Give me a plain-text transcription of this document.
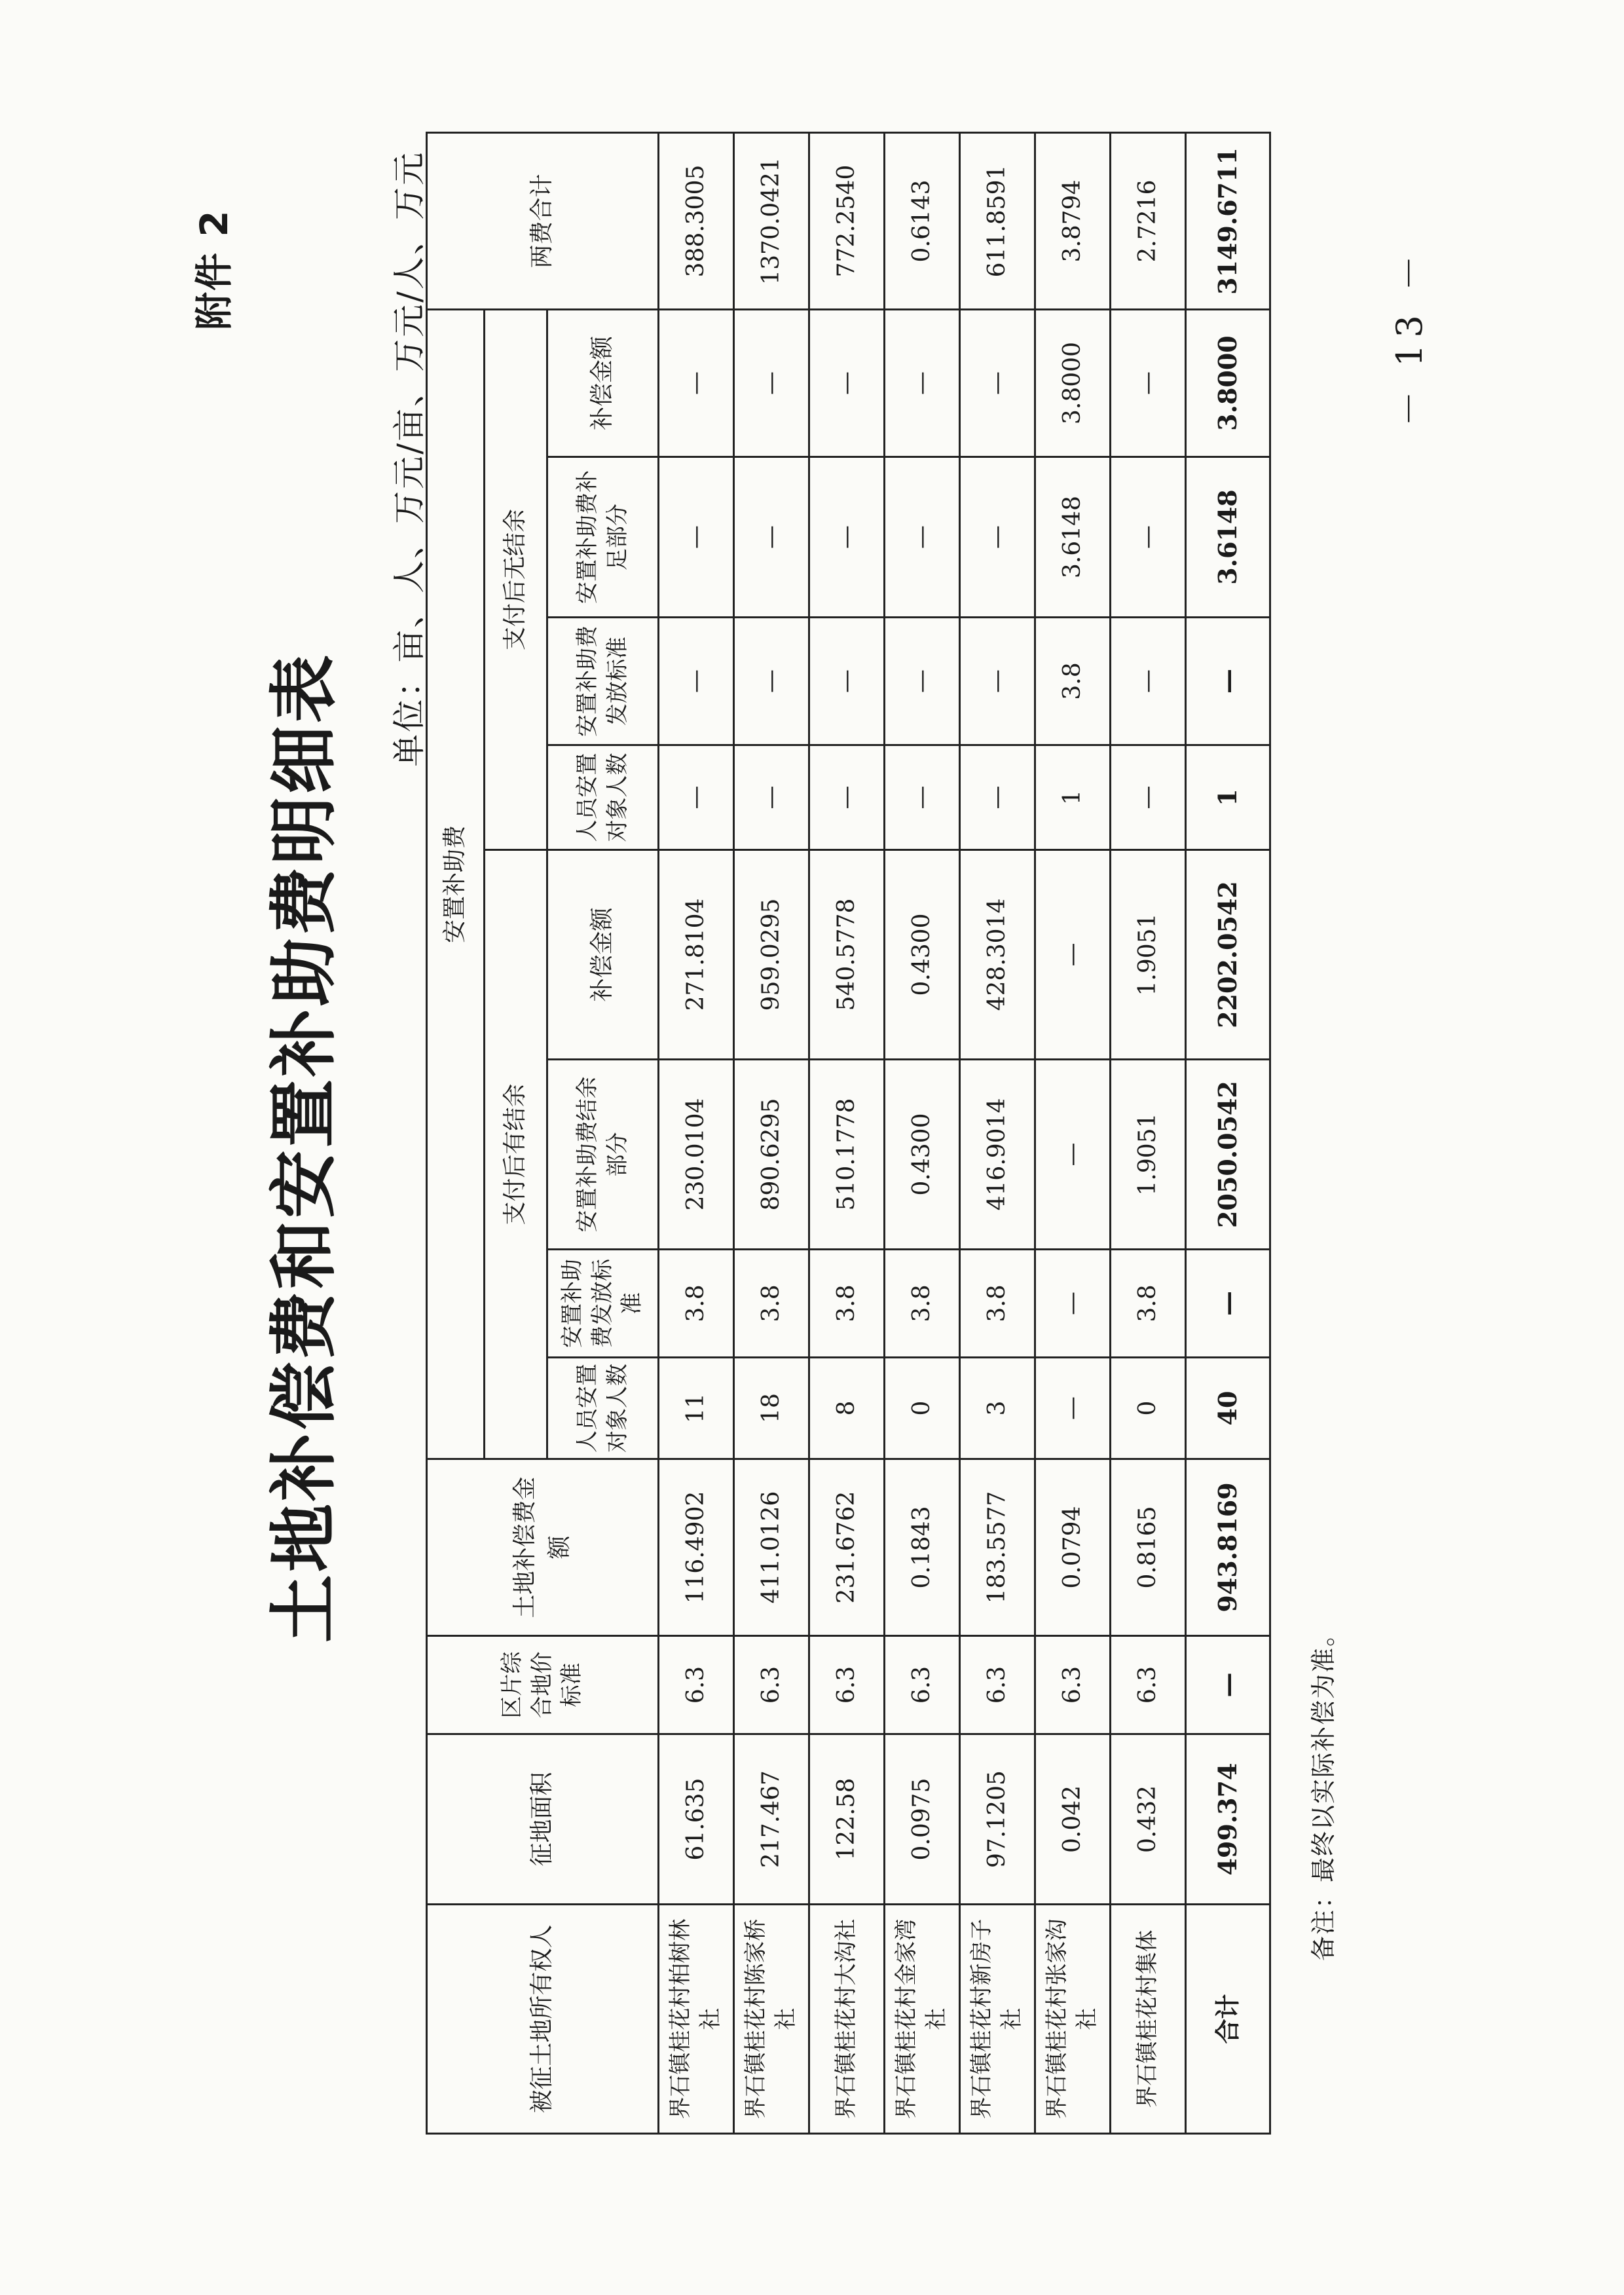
附件 2
土地补偿费和安置补助费明细表
单位：亩、人、万元/亩、万元/人、万元
被征土地所有权人	征地面积	区片综合地价标准	土地补偿费金额	安置补助费								两费合计
				支付后有结余				支付后无结余				
				人员安置对象人数	安置补助费发放标准	安置补助费结余部分	补偿金额	人员安置对象人数	安置补助费发放标准	安置补助费补足部分	补偿金额	
界石镇桂花村柏树林社	61.635	6.3	116.4902	11	3.8	230.0104	271.8104	—	—	—	—	388.3005
界石镇桂花村陈家桥社	217.467	6.3	411.0126	18	3.8	890.6295	959.0295	—	—	—	—	1370.0421
界石镇桂花村大沟社	122.58	6.3	231.6762	8	3.8	510.1778	540.5778	—	—	—	—	772.2540
界石镇桂花村金家湾社	0.0975	6.3	0.1843	0	3.8	0.4300	0.4300	—	—	—	—	0.6143
界石镇桂花村新房子社	97.1205	6.3	183.5577	3	3.8	416.9014	428.3014	—	—	—	—	611.8591
界石镇桂花村张家沟社	0.042	6.3	0.0794	—	—	—	—	1	3.8	3.6148	3.8000	3.8794
界石镇桂花村集体	0.432	6.3	0.8165	0	3.8	1.9051	1.9051	—	—	—	—	2.7216
合计	499.374	—	943.8169	40	—	2050.0542	2202.0542	1	—	3.6148	3.8000	3149.6711
备注：最终以实际补偿为准。
－ 13 －
